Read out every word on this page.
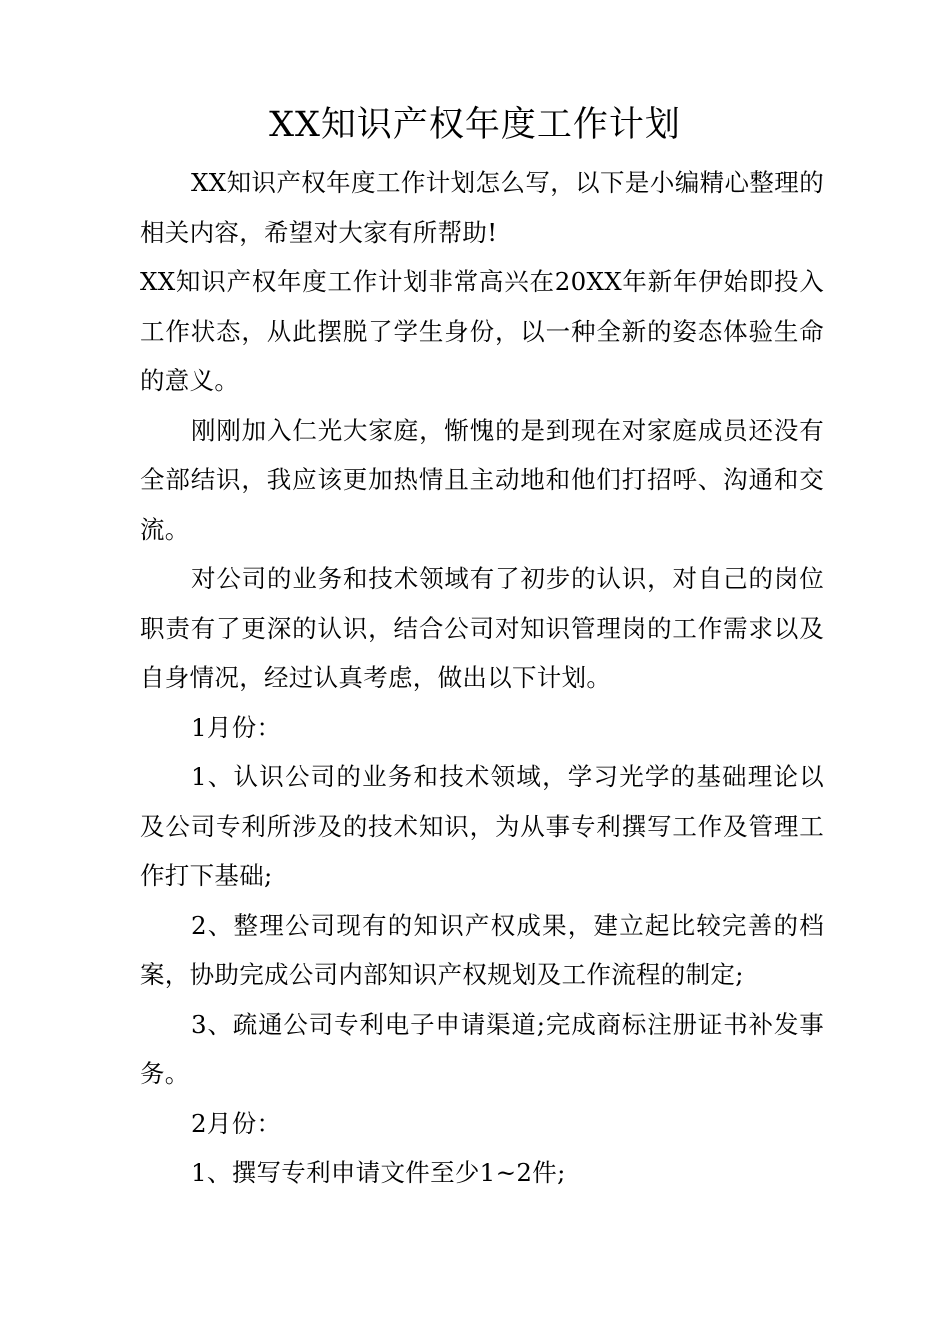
XX知识产权年度工作计划

XX知识产权年度工作计划怎么写，以下是小编精心整理的相关内容，希望对大家有所帮助!

XX知识产权年度工作计划非常高兴在20XX年新年伊始即投入工作状态，从此摆脱了学生身份，以一种全新的姿态体验生命的意义。

刚刚加入仁光大家庭，惭愧的是到现在对家庭成员还没有全部结识，我应该更加热情且主动地和他们打招呼、沟通和交流。

对公司的业务和技术领域有了初步的认识，对自己的岗位职责有了更深的认识，结合公司对知识管理岗的工作需求以及自身情况，经过认真考虑，做出以下计划。

1月份：

1、认识公司的业务和技术领域，学习光学的基础理论以及公司专利所涉及的技术知识，为从事专利撰写工作及管理工作打下基础;

2、整理公司现有的知识产权成果，建立起比较完善的档案，协助完成公司内部知识产权规划及工作流程的制定;

3、疏通公司专利电子申请渠道;完成商标注册证书补发事务。

2月份：

1、撰写专利申请文件至少1~2件;
